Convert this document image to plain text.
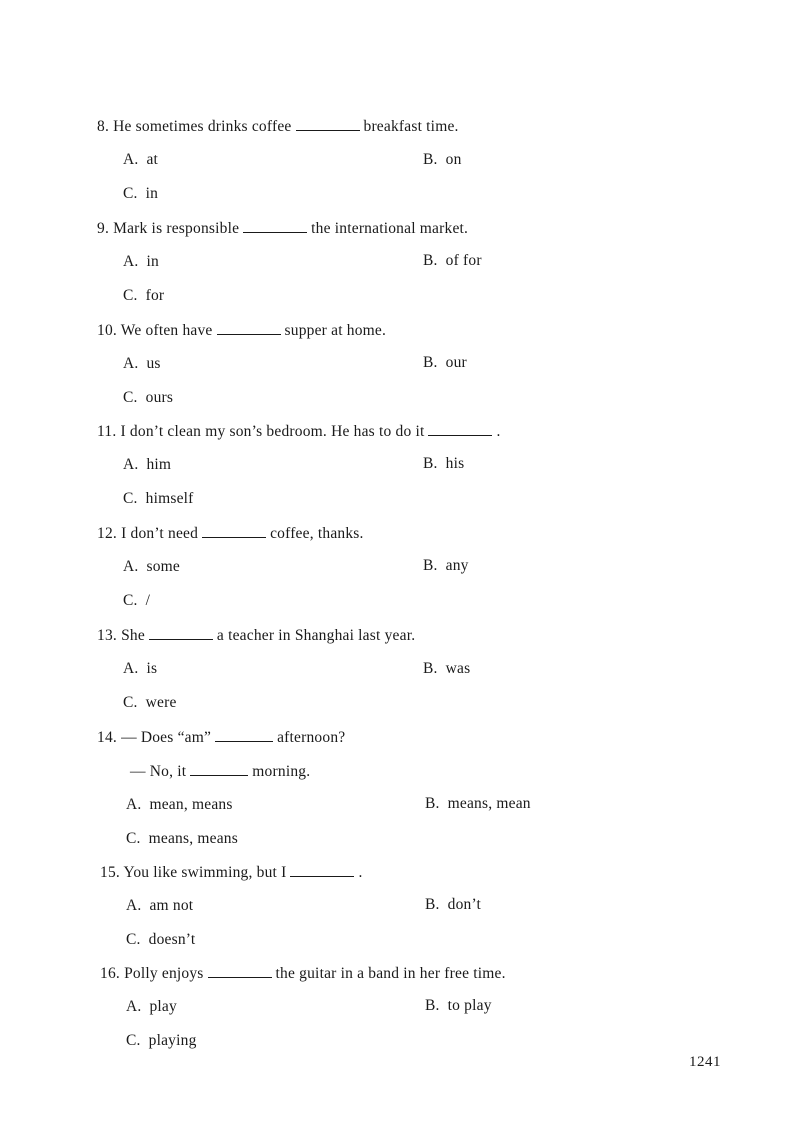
8. He sometimes drinks coffee	breakfast time.
A. at	B. on
C. in
9. Mark is responsible	the international market.
A. in	B. of for
C. for
10. We often have	supper at home.
A. us	B. our
C. ours
11. I don’t clean my son’s bedroom. He has to do it	.
A. him	B. his
C. himself
12. I don’t need	coffee, thanks.
A. some	B. any
C. /
13. She	a teacher in Shanghai last year.
A. is	B. was
C. were
14. — Does “am”	afternoon?
— No, it	morning.
A. mean, means	B. means, mean
C. means, means
15. You like swimming, but I	.
A. am not	B. don’t
C. doesn’t
16. Polly enjoys	the guitar in a band in her free time.
A. play	B. to play
C. playing
1241
